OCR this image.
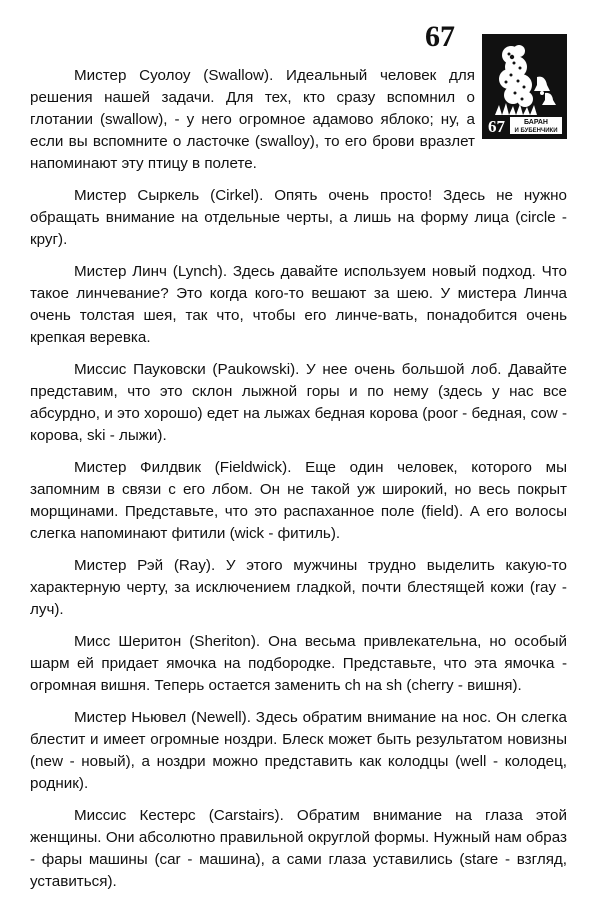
67
67	БАРАН
И БУБЕНЧИКИ

Мистер Суолоу (Swallow). Идеальный человек для решения нашей задачи. Для тех, кто сразу вспомнил о глотании (swallow), - у него огромное адамово яблоко; ну, а если вы вспомните о ласточке (swalloy), то его брови вразлет напоминают эту птицу в полете.

Мистер Сыркель (Cirkel). Опять очень просто! Здесь не нужно обращать внимание на отдельные черты, а лишь на форму лица (circle - круг).

Мистер Линч (Lynch). Здесь давайте используем новый подход. Что такое линчевание? Это когда кого-то вешают за шею. У мистера Линча очень толстая шея, так что, чтобы его линче-вать, понадобится очень крепкая веревка.

Миссис Пауковски (Paukowski). У нее очень большой лоб. Давайте представим, что это склон лыжной горы и по нему (здесь у нас все абсурдно, и это хорошо) едет на лыжах бедная корова (poor - бедная, cow - корова, ski - лыжи).

Мистер Филдвик (Fieldwick). Еще один человек, которого мы запомним в связи с его лбом. Он не такой уж широкий, но весь покрыт морщинами. Представьте, что это распаханное поле (field). А его волосы слегка напоминают фитили (wick - фитиль).

Мистер Рэй (Ray). У этого мужчины трудно выделить какую-то характерную черту, за исключением гладкой, почти блестящей кожи (ray - луч).

Мисс Шеритон (Sheriton). Она весьма привлекательна, но особый шарм ей придает ямочка на подбородке. Представьте, что эта ямочка - огромная вишня. Теперь остается заменить ch на sh (cherry - вишня).

Мистер Ньювел (Newell). Здесь обратим внимание на нос. Он слегка блестит и имеет огромные ноздри. Блеск может быть результатом новизны (new - новый), а ноздри можно представить как колодцы (well - колодец, родник).

Миссис Кестерс (Carstairs). Обратим внимание на глаза этой женщины. Они абсолютно правильной округлой формы. Нужный нам образ - фары машины (car - машина), а сами глаза уставились (stare - взгляд, уставиться).
